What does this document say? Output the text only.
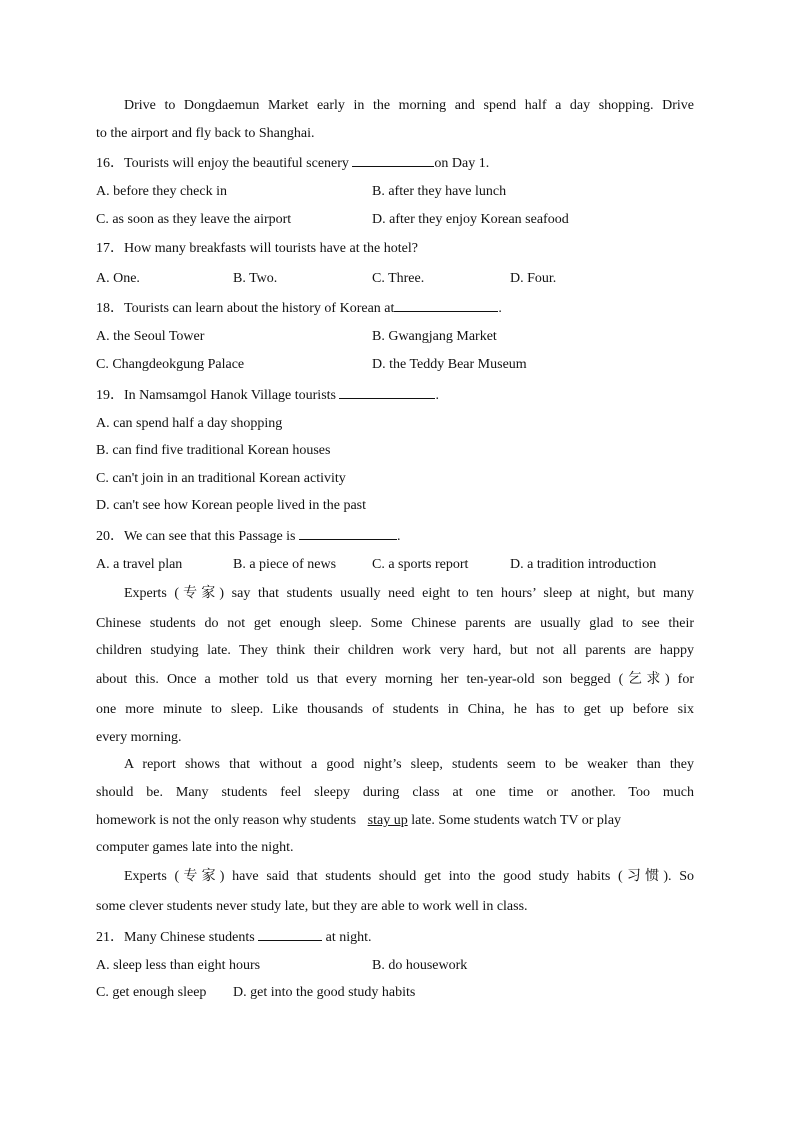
Drive to Dongdaemun Market early in the morning and spend half a day shopping. Drive
to the airport and fly back to Shanghai.
16．Tourists will enjoy the beautiful scenery	on Day 1.
A. before they check in	B. after they have lunch
C. as soon as they leave the airport	D. after they enjoy Korean seafood
17．How many breakfasts will tourists have at the hotel?
A. One.	B. Two.	C. Three.	D. Four.
18．Tourists can learn about the history of Korean at	.
A. the Seoul Tower	B. Gwangjang Market
C. Changdeokgung Palace	D. the Teddy Bear Museum
19．In Namsamgol Hanok Village tourists	.
A. can spend half a day shopping
B. can find five traditional Korean houses
C. can't join in an traditional Korean activity
D. can't see how Korean people lived in the past
20．We can see that this Passage is	.
A. a travel plan	B. a piece of news	C. a sports report	D. a tradition introduction
Experts (专家) say that students usually need eight to ten hours’ sleep at night, but many
Chinese students do not get enough sleep. Some Chinese parents are usually glad to see their
children studying late. They think their children work very hard, but not all parents are happy
about this. Once a mother told us that every morning her ten-year-old son begged (乞求) for
one more minute to sleep. Like thousands of students in China, he has to get up before six
every morning.
A report shows that without a good night’s sleep, students seem to be weaker than they
should be. Many students feel sleepy during class at one time or another. Too much
homework is not the only reason why students stay up late. Some students watch TV or play
computer games late into the night.
Experts (专家) have said that students should get into the good study habits (习惯). So
some clever students never study late, but they are able to work well in class.
21．Many Chinese students	at night.
A. sleep less than eight hours	B. do housework
C. get enough sleep D. get into the good study habits
